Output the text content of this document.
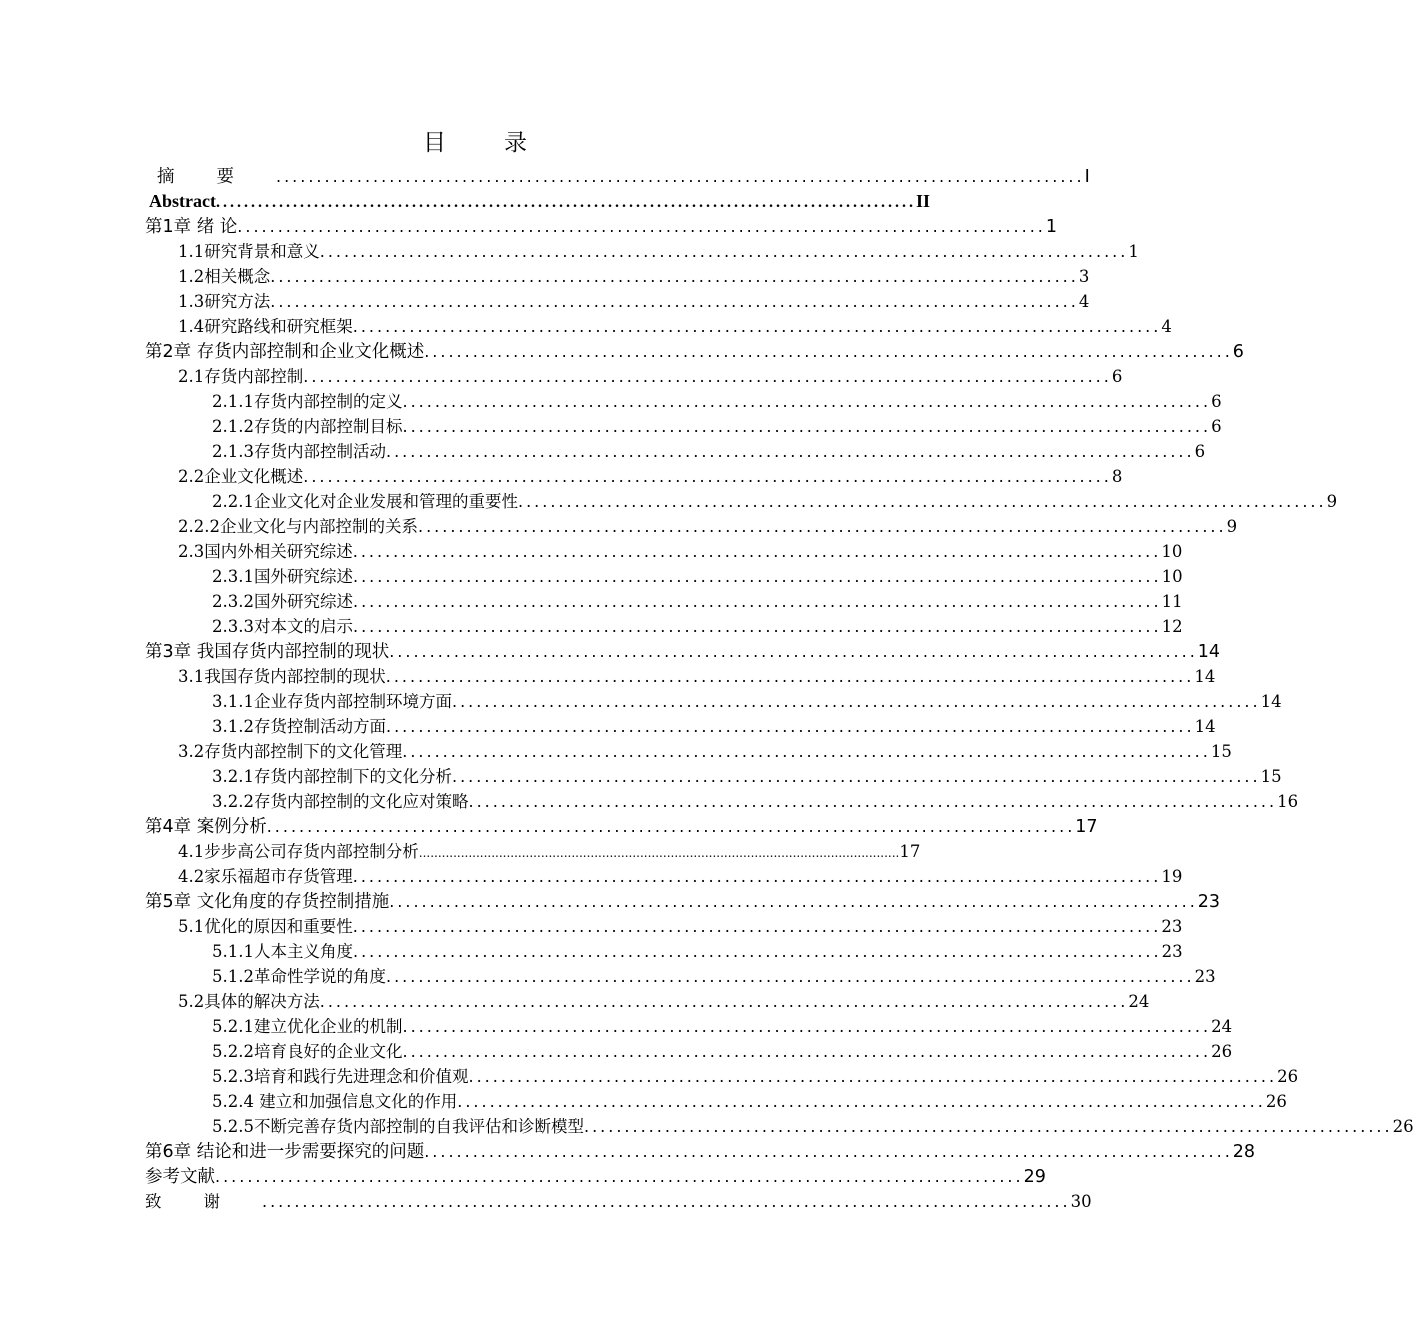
目录
摘要 .................................................................................................... I
Abstract .................................................................................................... II
第1章 绪 论 .................................................................................................... 1
1.1研究背景和意义 .................................................................................................... 1
1.2相关概念 .................................................................................................... 3
1.3研究方法 .................................................................................................... 4
1.4研究路线和研究框架 .................................................................................................... 4
第2章 存货内部控制和企业文化概述 .................................................................................................... 6
2.1存货内部控制 .................................................................................................... 6
2.1.1存货内部控制的定义 .................................................................................................... 6
2.1.2存货的内部控制目标 .................................................................................................... 6
2.1.3存货内部控制活动 .................................................................................................... 6
2.2企业文化概述 .................................................................................................... 8
2.2.1企业文化对企业发展和管理的重要性 .................................................................................................... 9
2.2.2企业文化与内部控制的关系 .................................................................................................... 9
2.3国内外相关研究综述 .................................................................................................... 10
2.3.1国外研究综述 .................................................................................................... 10
2.3.2国外研究综述 .................................................................................................... 11
2.3.3对本文的启示 .................................................................................................... 12
第3章 我国存货内部控制的现状 .................................................................................................... 14
3.1我国存货内部控制的现状 .................................................................................................... 14
3.1.1企业存货内部控制环境方面 .................................................................................................... 14
3.1.2存货控制活动方面 .................................................................................................... 14
3.2存货内部控制下的文化管理 .................................................................................................... 15
3.2.1存货内部控制下的文化分析 .................................................................................................... 15
3.2.2存货内部控制的文化应对策略 .................................................................................................... 16
第4章 案例分析 .................................................................................................... 17
4.1步步高公司存货内部控制分析 .............................................................................................................................. 17
4.2家乐福超市存货管理 .................................................................................................... 19
第5章 文化角度的存货控制措施 .................................................................................................... 23
5.1优化的原因和重要性 .................................................................................................... 23
5.1.1人本主义角度 .................................................................................................... 23
5.1.2革命性学说的角度 .................................................................................................... 23
5.2具体的解决方法 .................................................................................................... 24
5.2.1建立优化企业的机制 .................................................................................................... 24
5.2.2培育良好的企业文化 .................................................................................................... 26
5.2.3培育和践行先进理念和价值观 .................................................................................................... 26
5.2.4 建立和加强信息文化的作用 .................................................................................................... 26
5.2.5不断完善存货内部控制的自我评估和诊断模型 .................................................................................................... 26
第6章 结论和进一步需要探究的问题 .................................................................................................... 28
参考文献 .................................................................................................... 29
致谢 .................................................................................................... 30
